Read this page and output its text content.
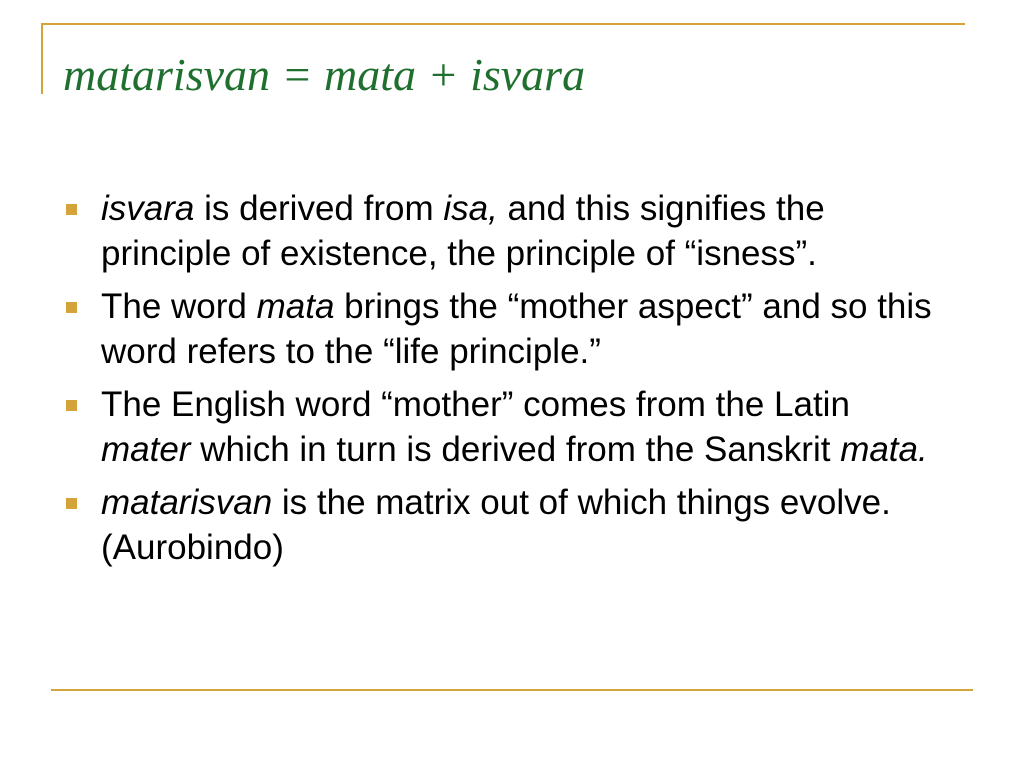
matarisvan = mata + isvara
isvara is derived from isa, and this signifies the principle of existence, the principle of “isness”.
The word mata brings the “mother aspect” and so this word refers to the “life principle.”
The English word “mother” comes from the Latin mater which in turn is derived from the Sanskrit mata.
matarisvan is the matrix out of which things evolve. (Aurobindo)
